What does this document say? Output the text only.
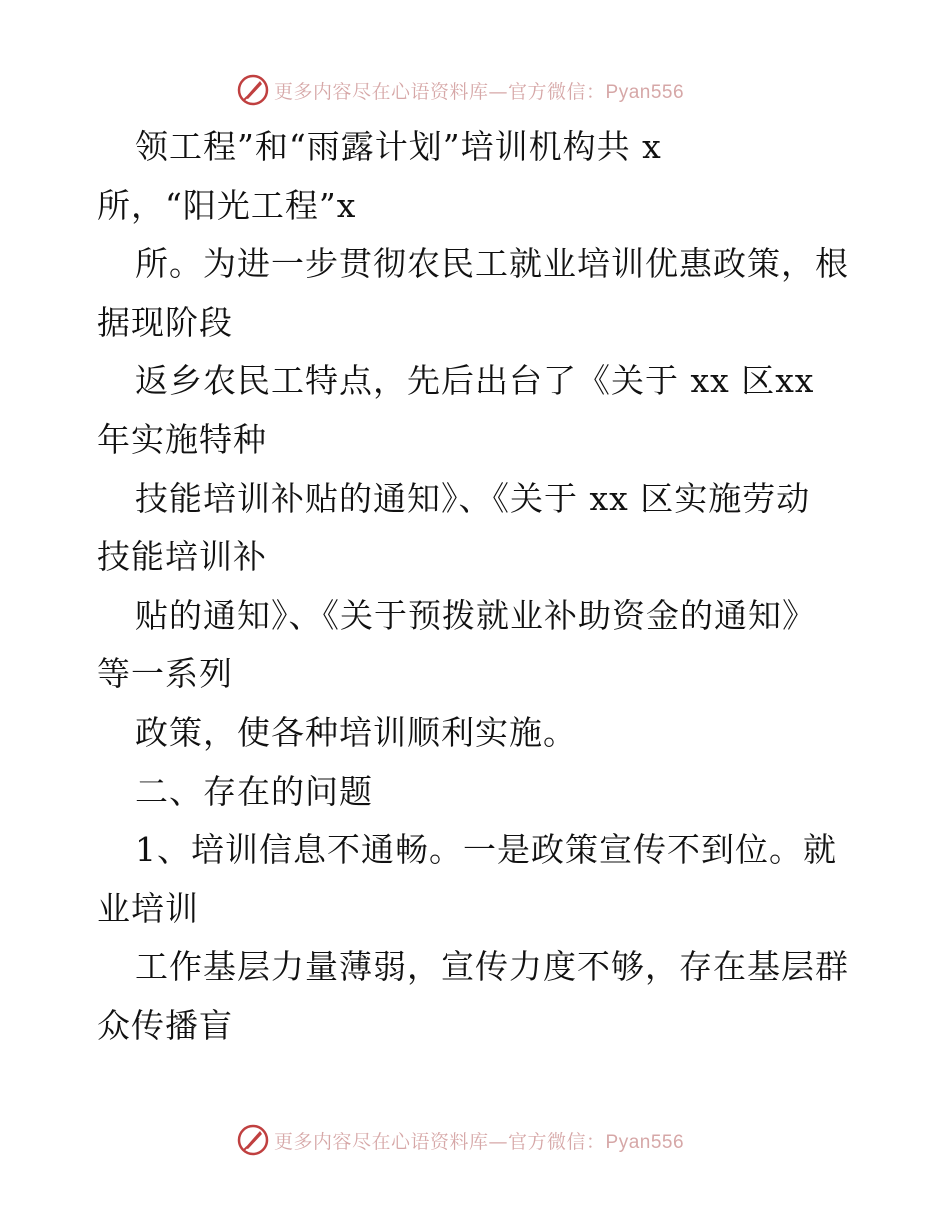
更多内容尽在心语资料库—官方微信：Pyan556
领工程”和“雨露计划”培训机构共 x
所，“阳光工程”x
所。为进一步贯彻农民工就业培训优惠政策，根
据现阶段
返乡农民工特点，先后出台了《关于 xx 区xx
年实施特种
技能培训补贴的通知》、《关于 xx 区实施劳动
技能培训补
贴的通知》、《关于预拨就业补助资金的通知》
等一系列
政策，使各种培训顺利实施。
二、存在的问题
1、培训信息不通畅。一是政策宣传不到位。就
业培训
工作基层力量薄弱，宣传力度不够，存在基层群
众传播盲
更多内容尽在心语资料库—官方微信：Pyan556
